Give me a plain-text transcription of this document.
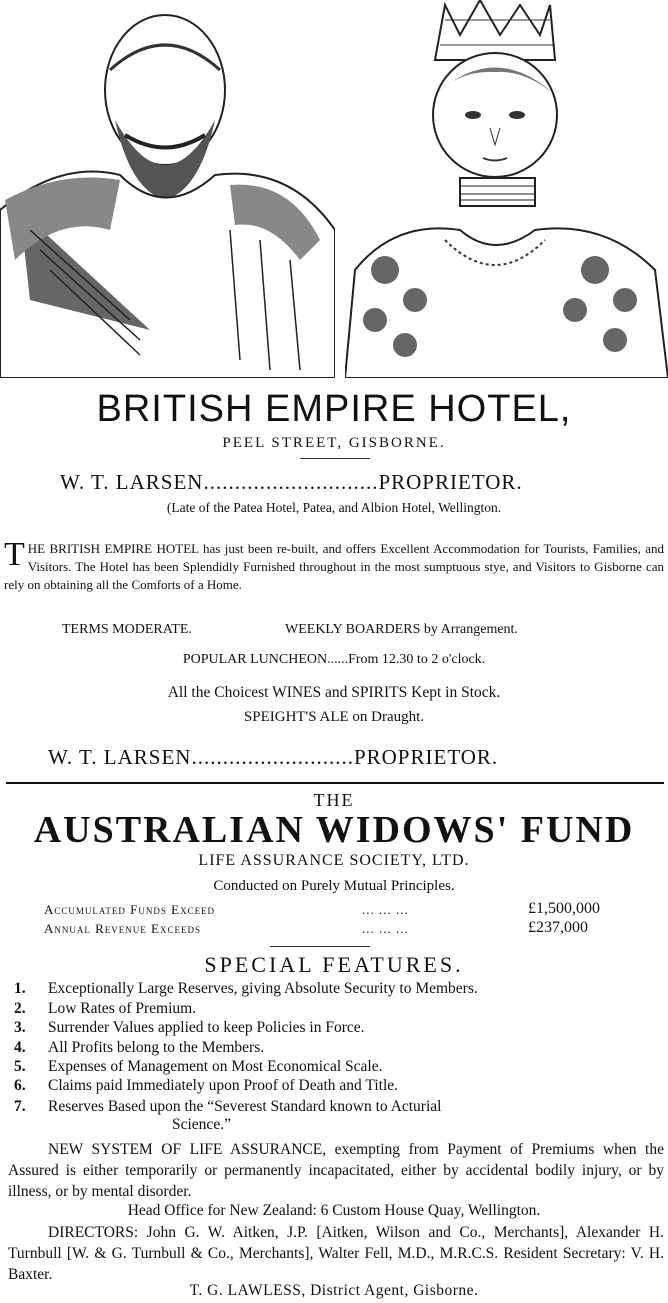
BRITISH EMPIRE HOTEL,
PEEL STREET, GISBORNE.
W. T. LARSEN............................PROPRIETOR.
(Late of the Patea Hotel, Patea, and Albion Hotel, Wellington.
THE BRITISH EMPIRE HOTEL has just been re-built, and offers Excellent Accommodation for Tourists, Families, and Visitors. The Hotel has been Splendidly Furnished throughout in the most sumptuous stye, and Visitors to Gisborne can rely on obtaining all the Comforts of a Home.
TERMS MODERATE.	WEEKLY BOARDERS by Arrangement.
POPULAR LUNCHEON......From 12.30 to 2 o'clock.
All the Choicest WINES and SPIRITS Kept in Stock.
SPEIGHT'S ALE on Draught.
W. T. LARSEN..........................PROPRIETOR.
THE
AUSTRALIAN WIDOWS' FUND
LIFE ASSURANCE SOCIETY, LTD.
Conducted on Purely Mutual Principles.
Accumulated Funds Exceed	... ... ...	£1,500,000
Annual Revenue Exceeds	... ... ...	£237,000
SPECIAL FEATURES.
1. Exceptionally Large Reserves, giving Absolute Security to Members.
2. Low Rates of Premium.
3. Surrender Values applied to keep Policies in Force.
4. All Profits belong to the Members.
5. Expenses of Management on Most Economical Scale.
6. Claims paid Immediately upon Proof of Death and Title.
7. Reserves Based upon the “Severest Standard known to Acturial
Science.”
NEW SYSTEM OF LIFE ASSURANCE, exempting from Payment of Premiums when the Assured is either temporarily or permanently incapacitated, either by accidental bodily injury, or by illness, or by mental disorder.
Head Office for New Zealand: 6 Custom House Quay, Wellington.
DIRECTORS: John G. W. Aitken, J.P. [Aitken, Wilson and Co., Merchants], Alexander H. Turnbull [W. & G. Turnbull & Co., Merchants], Walter Fell, M.D., M.R.C.S. Resident Secretary: V. H. Baxter.
T. G. LAWLESS, District Agent, Gisborne.
